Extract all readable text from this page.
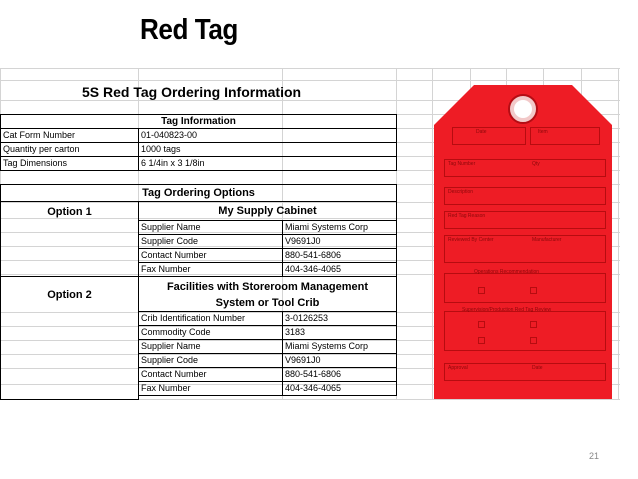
Red Tag
5S Red Tag Ordering Information
Tag Information
Cat Form Number	01-040823-00
Quantity per carton	1000 tags
Tag Dimensions	6 1/4in x 3 1/8in
Tag Ordering Options
Option 1	My Supply Cabinet
Supplier Name	Miami Systems Corp
Supplier Code	V9691J0
Contact Number	880-541-6806
Fax Number	404-346-4065
Option 2
Facilities with Storeroom Management
System or Tool Crib
Crib Identification Number	3-0126253
Commodity Code	3183
Supplier Name	Miami Systems Corp
Supplier Code	V9691J0
Contact Number	880-541-6806
Fax Number	404-346-4065
Date	Item
Tag Number	Qty
Description
Red Tag Reason
Reviewed By Center	Manufacturer
Operations Recommendation
Supervision/Production Red Tag Review
Approval	Date
21
